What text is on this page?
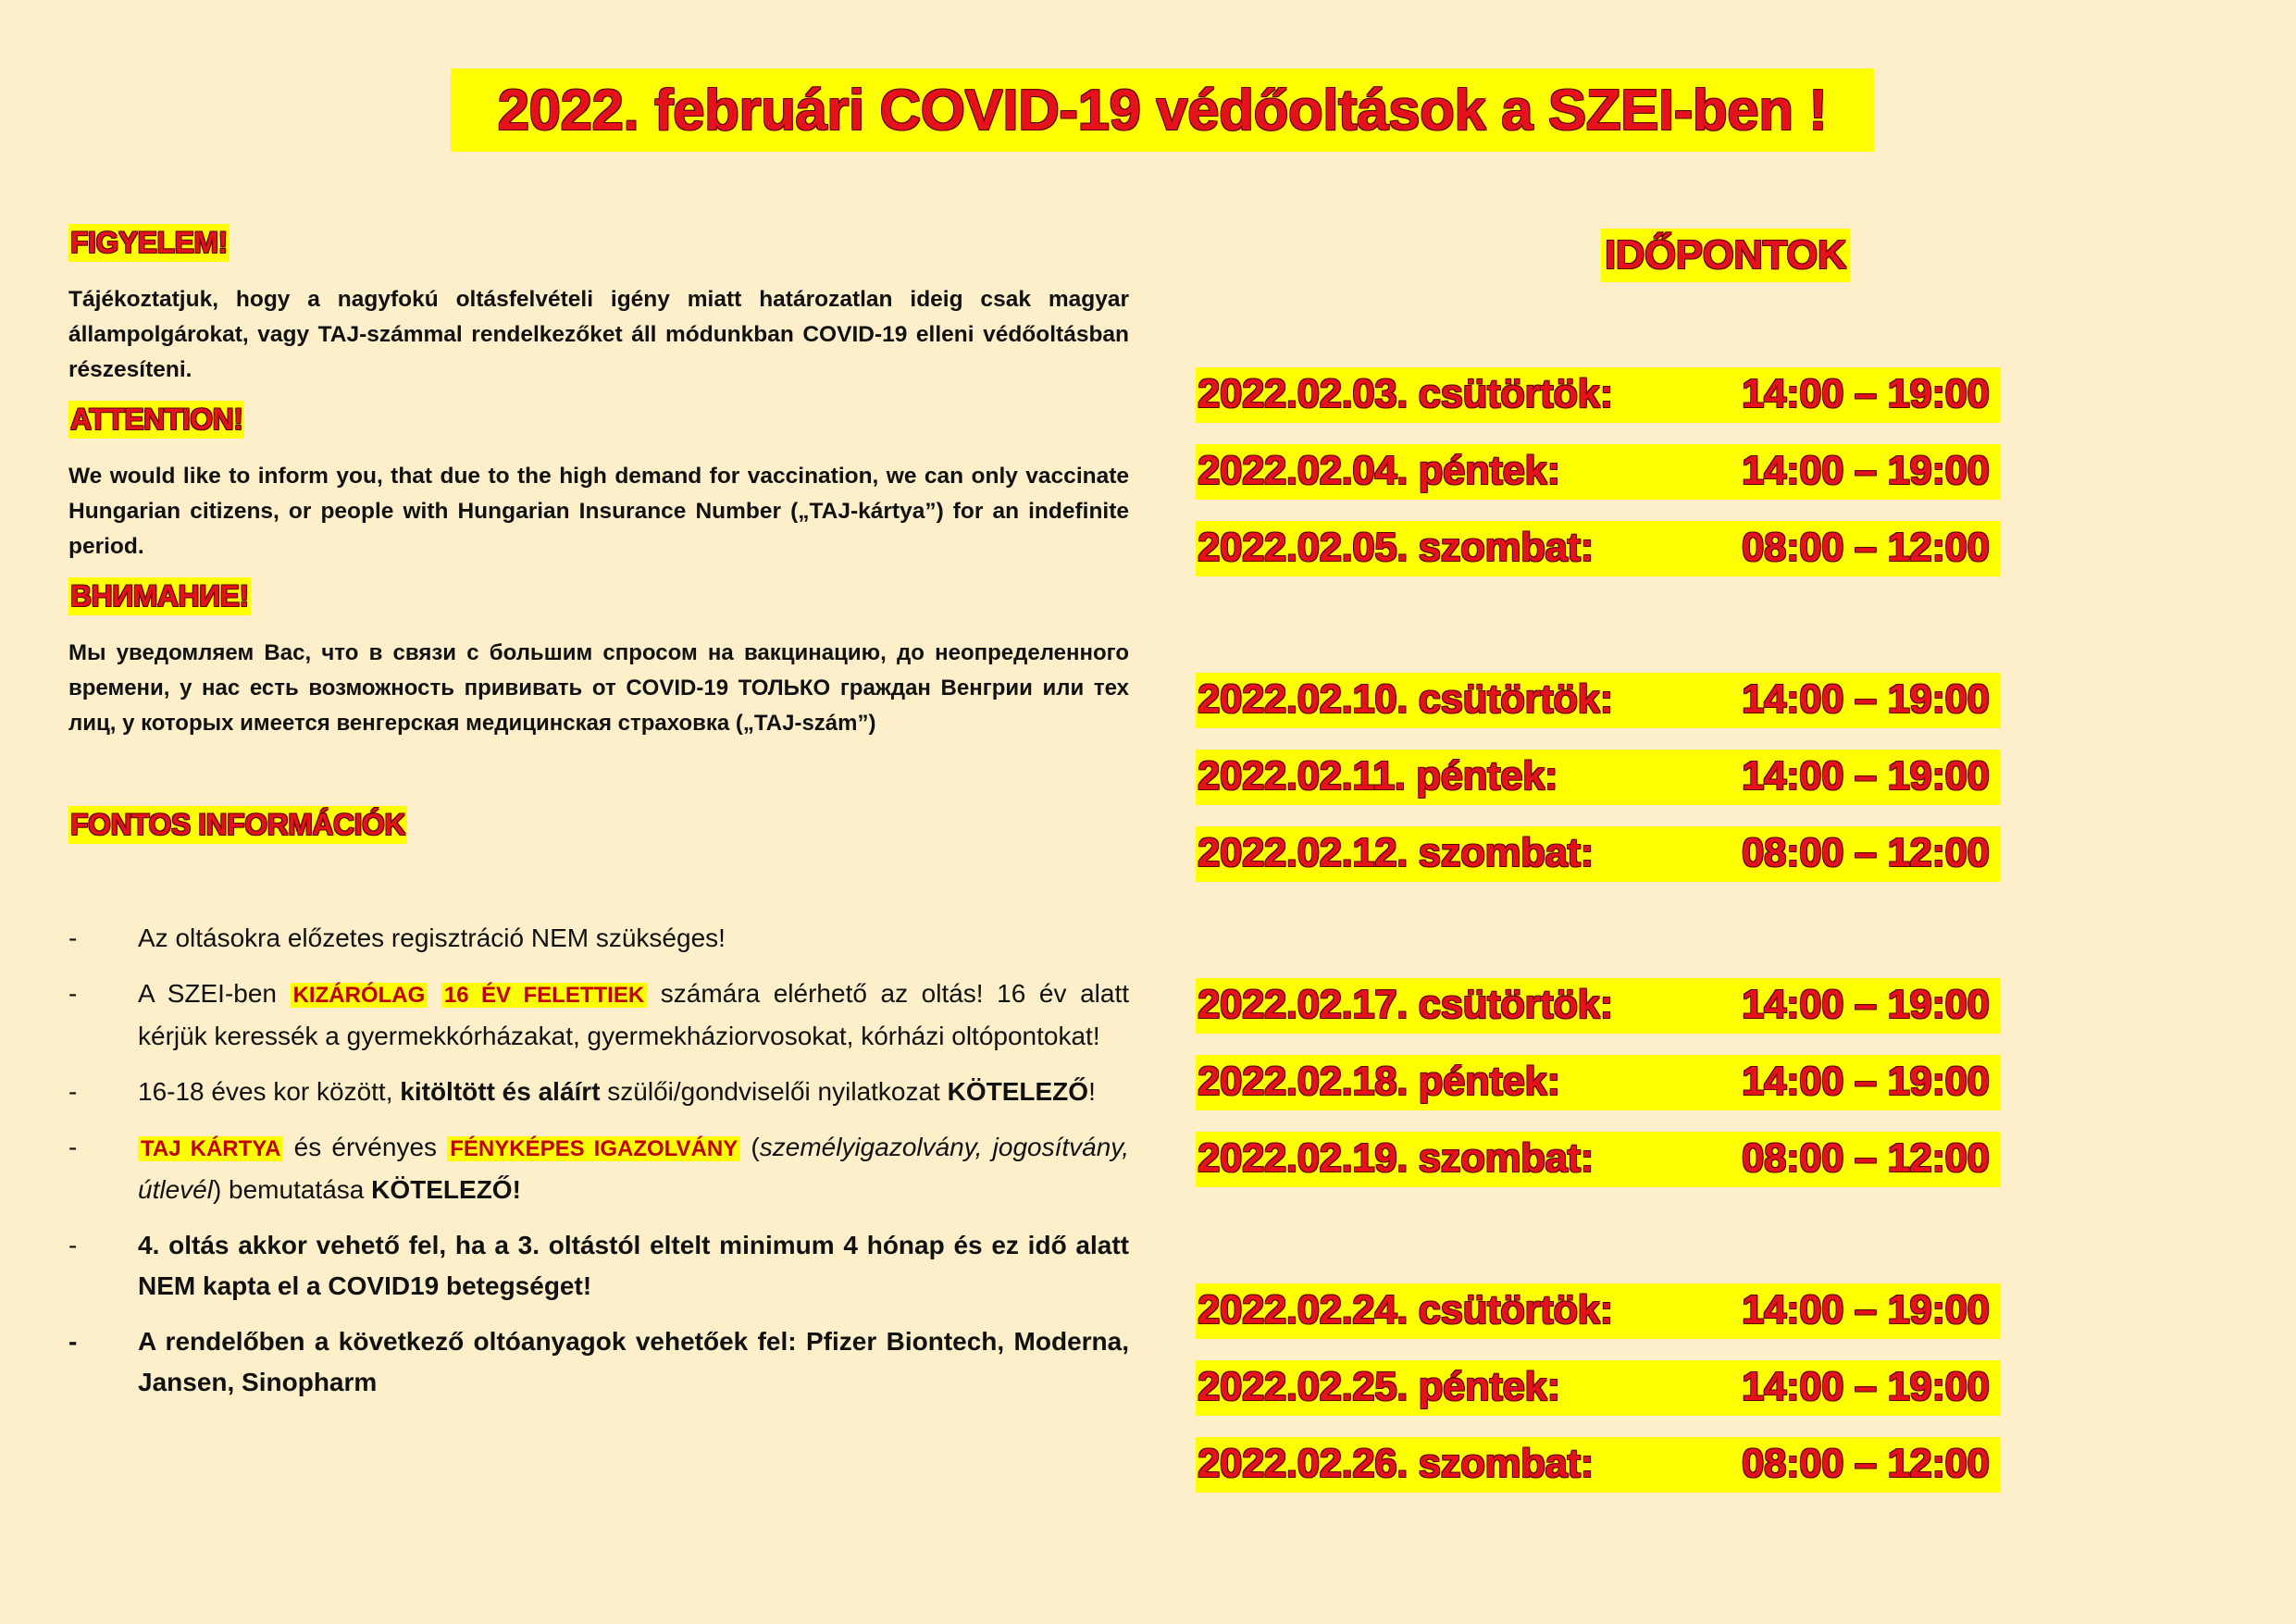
2022. februári COVID-19 védőoltások a SZEI-ben !
FIGYELEM!

Tájékoztatjuk, hogy a nagyfokú oltásfelvételi igény miatt határozatlan ideig csak magyar állampolgárokat, vagy TAJ-számmal rendelkezőket áll módunkban COVID-19 elleni védőoltásban részesíteni.

ATTENTION!

We would like to inform you, that due to the high demand for vaccination, we can only vaccinate Hungarian citizens, or people with Hungarian Insurance Number („TAJ-kártya”) for an indefinite period.

ВНИМАНИЕ!

Мы уведомляем Вас, что в связи с большим спросом на вакцинацию, до неопределенного времени, у нас есть возможность прививать от COVID-19 ТОЛЬКО граждан Венгрии или тех лиц, у которых имеется венгерская медицинская страховка („TAJ-szám”)

FONTOS INFORMÁCIÓK
- Az oltásokra előzetes regisztráció NEM szükséges!
- A SZEI-ben KIZÁRÓLAG 16 ÉV FELETTIEK számára elérhető az oltás! 16 év alatt kérjük keressék a gyermekkórházakat, gyermekháziorvosokat, kórházi oltópontokat!
- 16-18 éves kor között, kitöltött és aláírt szülői/gondviselői nyilatkozat KÖTELEZŐ!
-	TAJ KÁRTYA és érvényes FÉNYKÉPES IGAZOLVÁNY (személyigazolvány, jogosítvány, útlevél) bemutatása KÖTELEZŐ!
- 4. oltás akkor vehető fel, ha a 3. oltástól eltelt minimum 4 hónap és ez idő alatt NEM kapta el a COVID19 betegséget!
- A rendelőben a következő oltóanyagok vehetőek fel: Pfizer Biontech, Moderna, Jansen, Sinopharm
IDŐPONTOK
2022.02.03. csütörtök:	14:00 – 19:00
2022.02.04. péntek:	14:00 – 19:00
2022.02.05. szombat:	08:00 – 12:00
2022.02.10. csütörtök:	14:00 – 19:00
2022.02.11. péntek:	14:00 – 19:00
2022.02.12. szombat:	08:00 – 12:00
2022.02.17. csütörtök:	14:00 – 19:00
2022.02.18. péntek:	14:00 – 19:00
2022.02.19. szombat:	08:00 – 12:00
2022.02.24. csütörtök:	14:00 – 19:00
2022.02.25. péntek:	14:00 – 19:00
2022.02.26. szombat:	08:00 – 12:00
